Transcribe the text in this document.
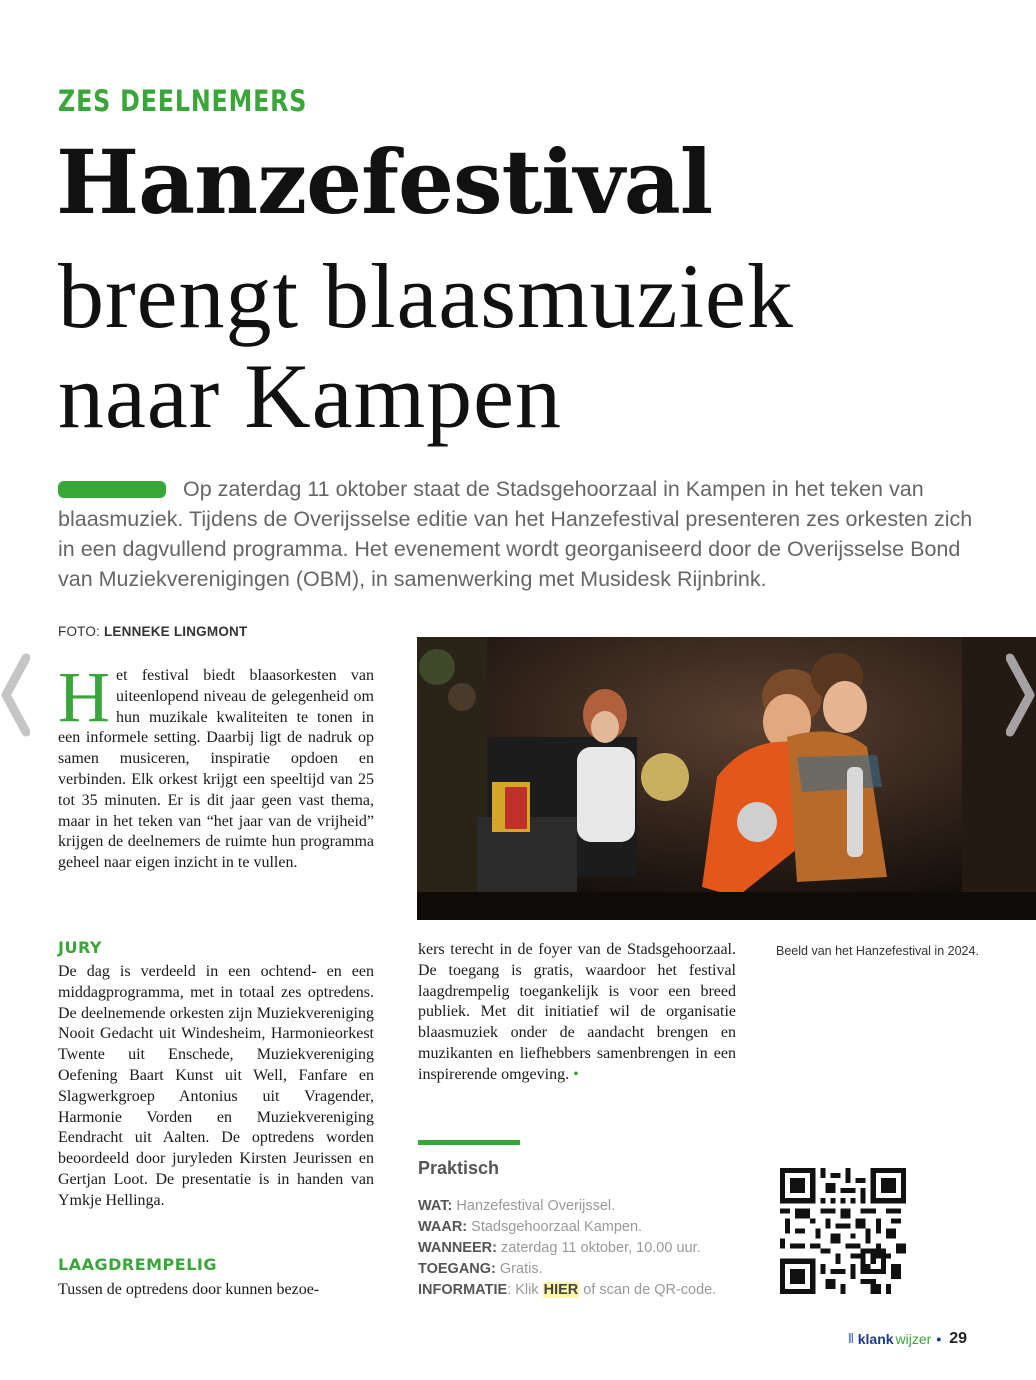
ZES DEELNEMERS
Hanzefestival
brengt blaasmuziek
naar Kampen
Op zaterdag 11 oktober staat de Stadsgehoorzaal in Kampen in het teken van blaasmuziek. Tijdens de Overijsselse editie van het Hanzefestival presenteren zes orkesten zich in een dagvullend programma. Het evenement wordt georganiseerd door de Overijsselse Bond van Muziekverenigingen (OBM), in samenwerking met Musidesk Rijnbrink.
FOTO: LENNEKE LINGMONT
H et festival biedt blaasorkesten van uiteenlopend niveau de gelegenheid om hun muzikale kwaliteiten te tonen in een informele setting. Daarbij ligt de nadruk op samen musiceren, inspiratie opdoen en verbinden. Elk orkest krijgt een speeltijd van 25 tot 35 minuten. Er is dit jaar geen vast thema, maar in het teken van “het jaar van de vrijheid” krijgen de deelnemers de ruimte hun programma geheel naar eigen inzicht in te vullen.

JURY

De dag is verdeeld in een ochtend- en een middagprogramma, met in totaal zes optredens. De deelnemende orkesten zijn Muziekvereniging Nooit Gedacht uit Windesheim, Harmonieorkest Twente uit Enschede, Muziekvereniging Oefening Baart Kunst uit Well, Fanfare en Slagwerkgroep Antonius uit Vragender, Harmonie Vorden en Muziekvereniging Eendracht uit Aalten. De optredens worden beoordeeld door juryleden Kirsten Jeurissen en Gertjan Loot. De presentatie is in handen van Ymkje Hellinga.

LAAGDREMPELIG

Tussen de optredens door kunnen bezoe-

kers terecht in de foyer van de Stadsgehoorzaal. De toegang is gratis, waardoor het festival laagdrempelig toegankelijk is voor een breed publiek. Met dit initiatief wil de organisatie blaasmuziek onder de aandacht brengen en muzikanten en liefhebbers samenbrengen in een inspirerende omgeving. •

Beeld van het Hanzefestival in 2024.
Praktisch
WAT: Hanzefestival Overijssel.
WAAR: Stadsgehoorzaal Kampen.
WANNEER: zaterdag 11 oktober, 10.00 uur.
TOEGANG: Gratis.
INFORMATIE: Klik HIER of scan de QR-code.
⦀ klank wijzer • 29
